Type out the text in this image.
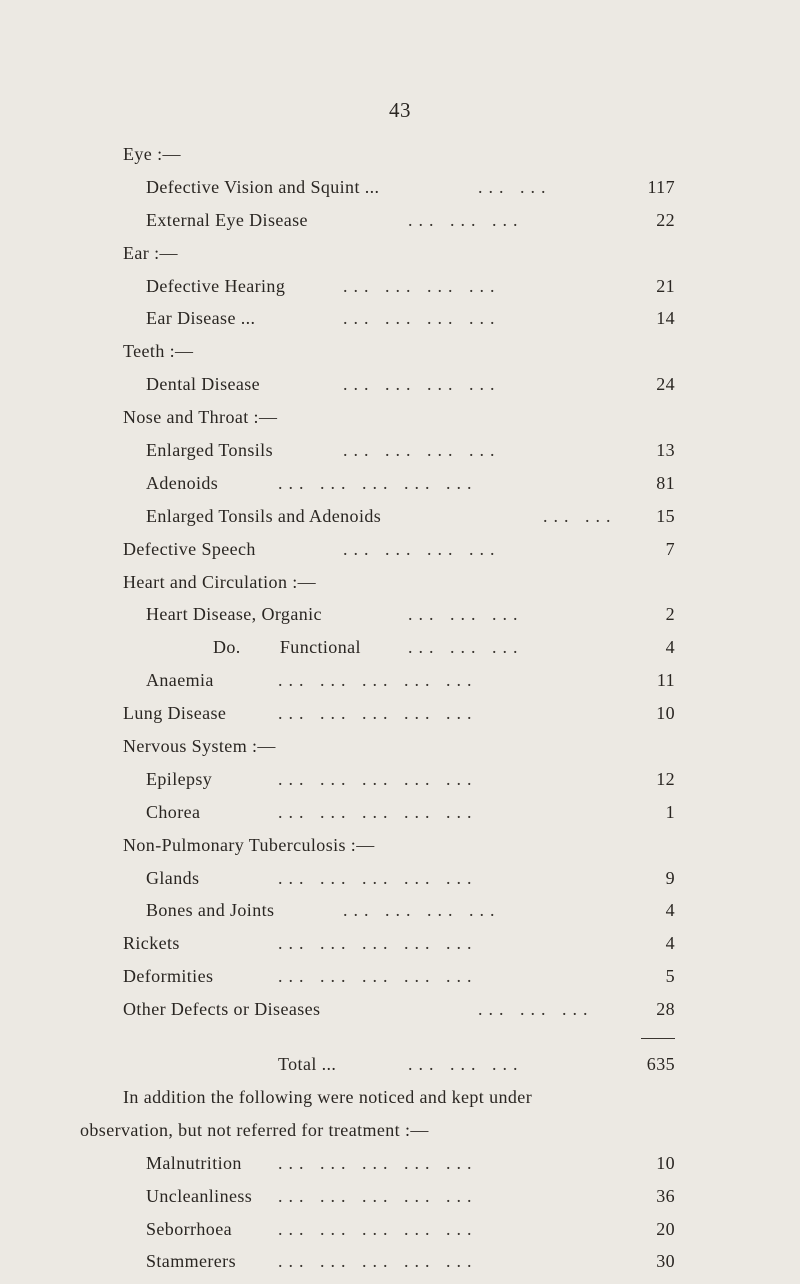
43
Eye :—
Defective Vision and Squint ...	... ...	117
External Eye Disease	... ... ...	22
Ear :—
Defective Hearing	... ... ... ...	21
Ear Disease ...	... ... ... ...	14
Teeth :—
Dental Disease	... ... ... ...	24
Nose and Throat :—
Enlarged Tonsils	... ... ... ...	13
Adenoids	... ... ... ... ...	81
Enlarged Tonsils and Adenoids	... ... 15
Defective Speech	... ... ... ...	7
Heart and Circulation :—
Heart Disease, Organic	... ... ...	2
Do.        Functional	... ... ...	4
Anaemia	... ... ... ... ...	11
Lung Disease	... ... ... ... ...	10
Nervous System :—
Epilepsy	... ... ... ... ...	12
Chorea	... ... ... ... ...	1
Non-Pulmonary Tuberculosis :—
Glands	... ... ... ... ...	9
Bones and Joints	... ... ... ...	4
Rickets	... ... ... ... ...	4
Deformities	... ... ... ... ...	5
Other Defects or Diseases	... ... ...	28
Total ...	... ... ...	635
In addition the following were noticed and kept under
observation, but not referred for treatment :—
Malnutrition ... ... ... ... ...	10
Uncleanliness ... ... ... ... ...	36
Seborrhoea	... ... ... ... ...	20
Stammerers ... ... ... ... ...	30
